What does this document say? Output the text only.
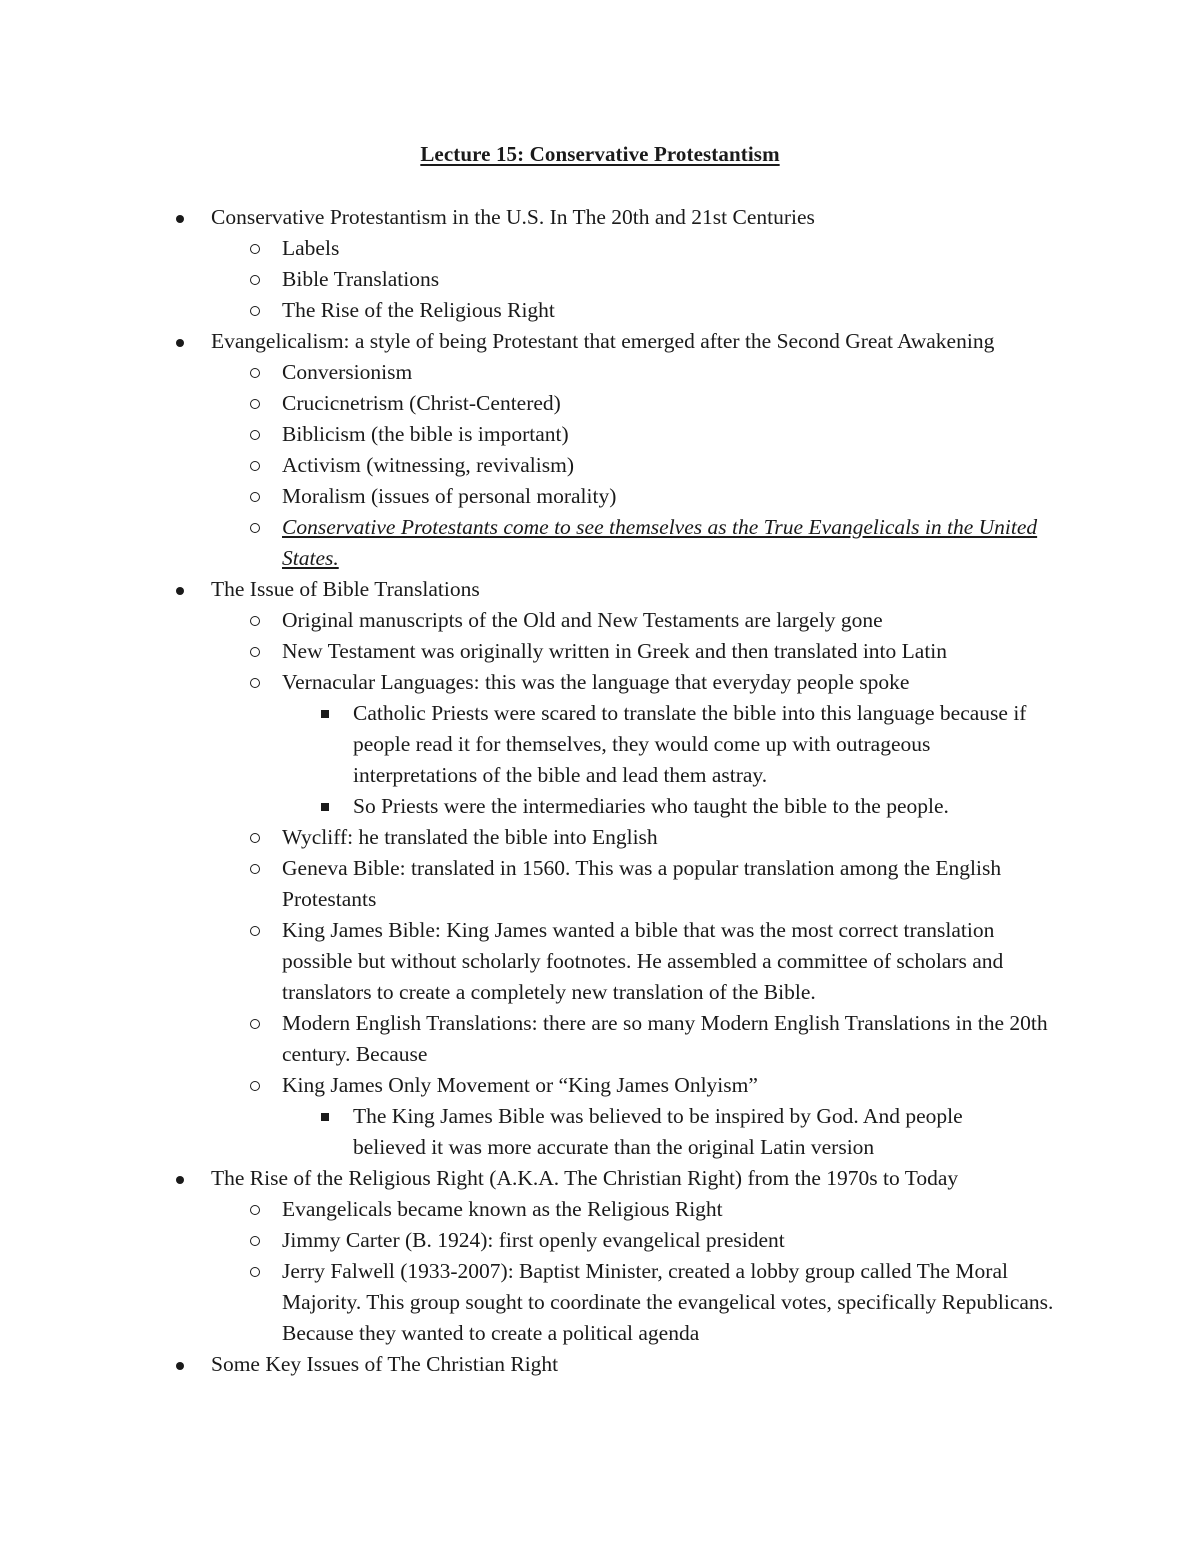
Lecture 15: Conservative Protestantism
Conservative Protestantism in the U.S. In The 20th and 21st Centuries
Labels
Bible Translations
The Rise of the Religious Right
Evangelicalism: a style of being Protestant that emerged after the Second Great Awakening
Conversionism
Crucicnetrism (Christ-Centered)
Biblicism (the bible is important)
Activism (witnessing, revivalism)
Moralism (issues of personal morality)
Conservative Protestants come to see themselves as the True Evangelicals in the United States.
The Issue of Bible Translations
Original manuscripts of the Old and New Testaments are largely gone
New Testament was originally written in Greek and then translated into Latin
Vernacular Languages: this was the language that everyday people spoke
Catholic Priests were scared to translate the bible into this language because if people read it for themselves, they would come up with outrageous interpretations of the bible and lead them astray.
So Priests were the intermediaries who taught the bible to the people.
Wycliff: he translated the bible into English
Geneva Bible: translated in 1560. This was a popular translation among the English Protestants
King James Bible: King James wanted a bible that was the most correct translation possible but without scholarly footnotes. He assembled a committee of scholars and translators to create a completely new translation of the Bible.
Modern English Translations: there are so many Modern English Translations in the 20th century. Because
King James Only Movement or “King James Onlyism”
The King James Bible was believed to be inspired by God. And people believed it was more accurate than the original Latin version
The Rise of the Religious Right (A.K.A. The Christian Right) from the 1970s to Today
Evangelicals became known as the Religious Right
Jimmy Carter (B. 1924): first openly evangelical president
Jerry Falwell (1933-2007): Baptist Minister, created a lobby group called The Moral Majority. This group sought to coordinate the evangelical votes, specifically Republicans. Because they wanted to create a political agenda
Some Key Issues of The Christian Right
